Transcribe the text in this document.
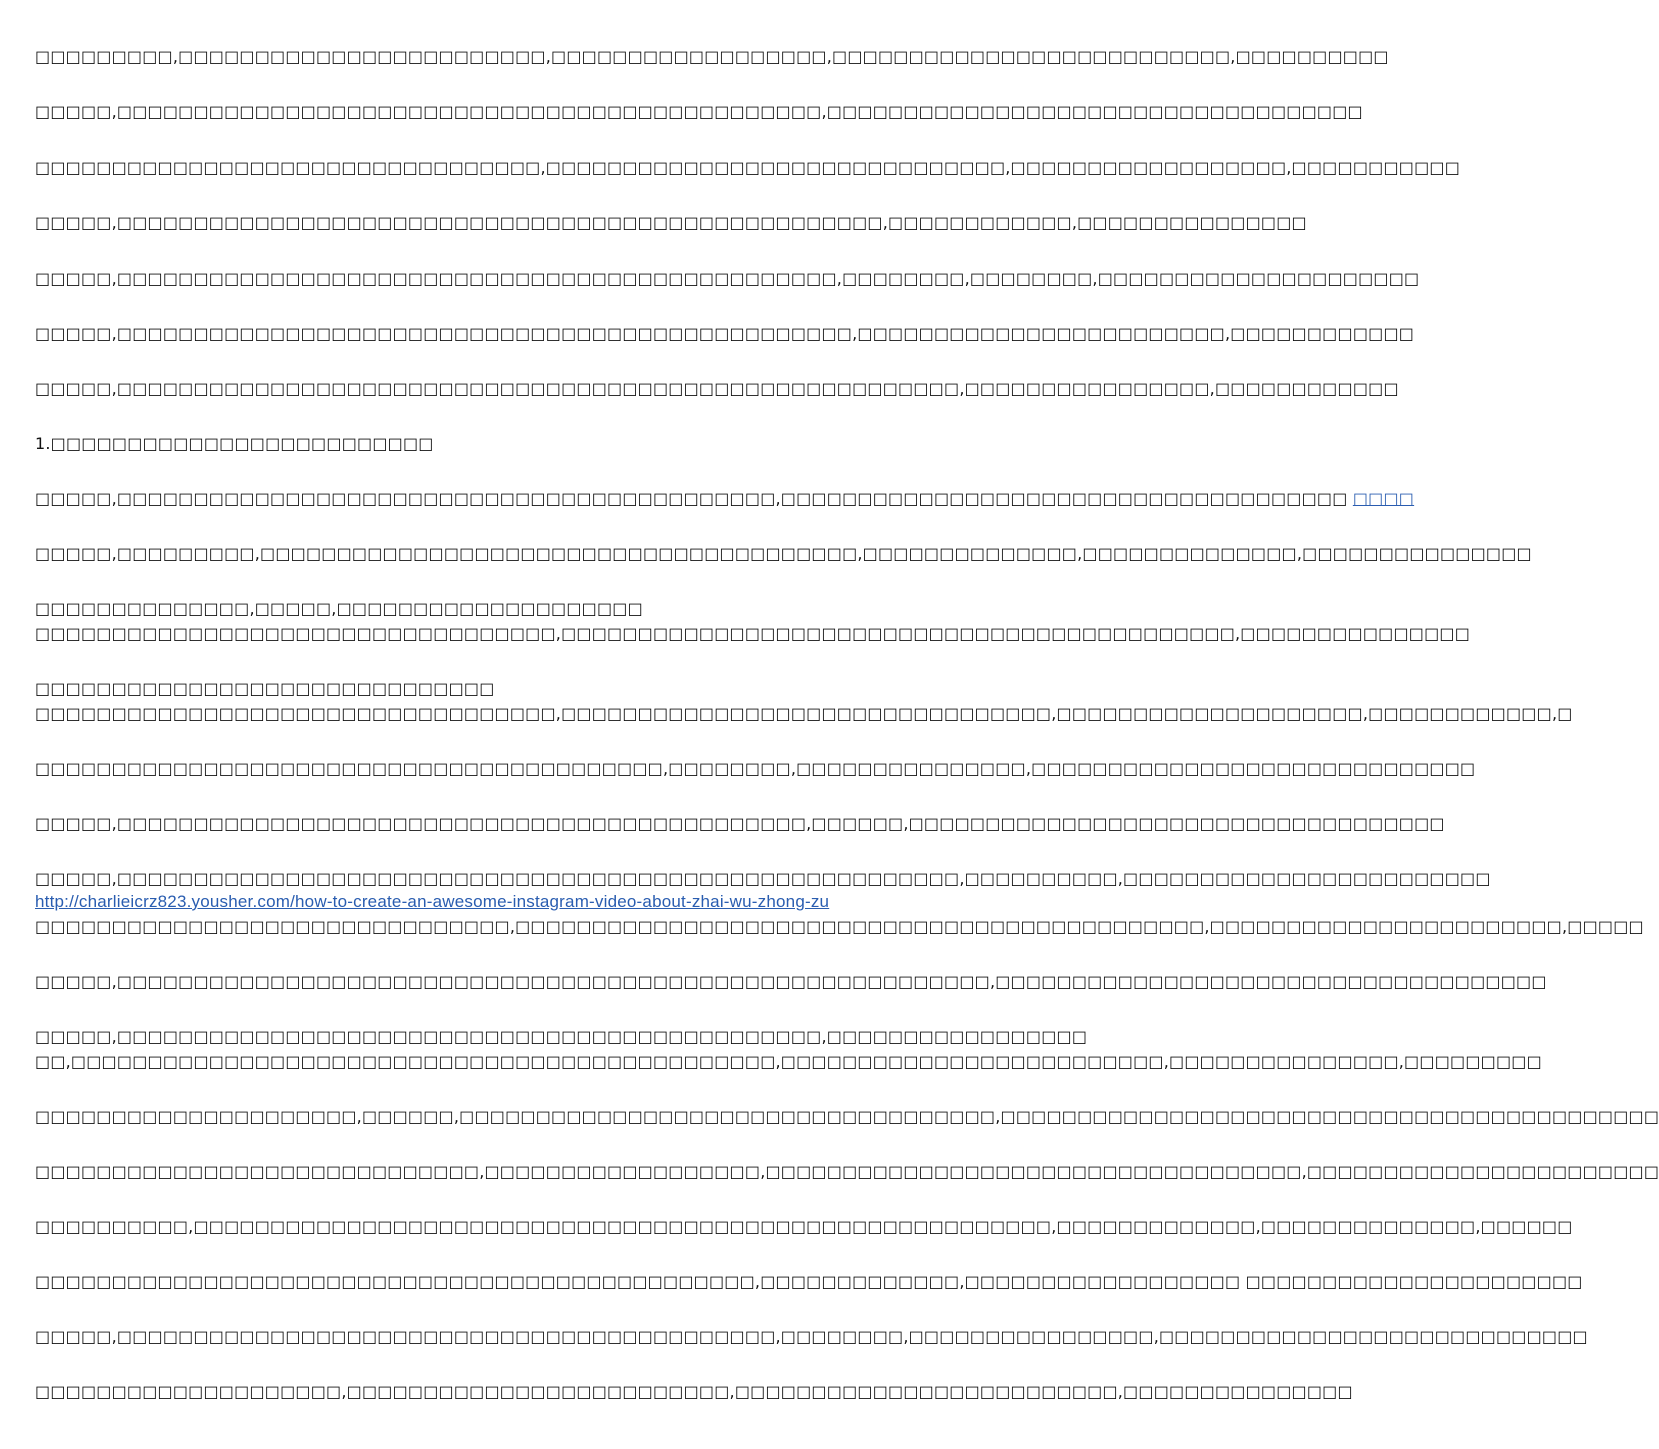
□□□□□□□□□,□□□□□□□□□□□□□□□□□□□□□□□□,□□□□□□□□□□□□□□□□□□,□□□□□□□□□□□□□□□□□□□□□□□□□□,□□□□□□□□□□
□□□□□,□□□□□□□□□□□□□□□□□□□□□□□□□□□□□□□□□□□□□□□□□□□□□□,□□□□□□□□□□□□□□□□□□□□□□□□□□□□□□□□□□□
□□□□□□□□□□□□□□□□□□□□□□□□□□□□□□□□□,□□□□□□□□□□□□□□□□□□□□□□□□□□□□□□,□□□□□□□□□□□□□□□□□□,□□□□□□□□□□□
□□□□□,□□□□□□□□□□□□□□□□□□□□□□□□□□□□□□□□□□□□□□□□□□□□□□□□□□,□□□□□□□□□□□□,□□□□□□□□□□□□□□□
□□□□□,□□□□□□□□□□□□□□□□□□□□□□□□□□□□□□□□□□□□□□□□□□□□□□□,□□□□□□□□,□□□□□□□□,□□□□□□□□□□□□□□□□□□□□□
□□□□□,□□□□□□□□□□□□□□□□□□□□□□□□□□□□□□□□□□□□□□□□□□□□□□□□,□□□□□□□□□□□□□□□□□□□□□□□□,□□□□□□□□□□□□
□□□□□,□□□□□□□□□□□□□□□□□□□□□□□□□□□□□□□□□□□□□□□□□□□□□□□□□□□□□□□,□□□□□□□□□□□□□□□□,□□□□□□□□□□□□
1.□□□□□□□□□□□□□□□□□□□□□□□□□
□□□□□,□□□□□□□□□□□□□□□□□□□□□□□□□□□□□□□□□□□□□□□□□□□,□□□□□□□□□□□□□□□□□□□□□□□□□□□□□□□□□□□□□ □□□□
□□□□□,□□□□□□□□□,□□□□□□□□□□□□□□□□□□□□□□□□□□□□□□□□□□□□□□□,□□□□□□□□□□□□□□,□□□□□□□□□□□□□□,□□□□□□□□□□□□□□□
□□□□□□□□□□□□□□,□□□□□,□□□□□□□□□□□□□□□□□□□□
□□□□□□□□□□□□□□□□□□□□□□□□□□□□□□□□□□,□□□□□□□□□□□□□□□□□□□□□□□□□□□□□□□□□□□□□□□□□□□□,□□□□□□□□□□□□□□□
□□□□□□□□□□□□□□□□□□□□□□□□□□□□□□
□□□□□□□□□□□□□□□□□□□□□□□□□□□□□□□□□□,□□□□□□□□□□□□□□□□□□□□□□□□□□□□□□□□,□□□□□□□□□□□□□□□□□□□□,□□□□□□□□□□□□,□
□□□□□□□□□□□□□□□□□□□□□□□□□□□□□□□□□□□□□□□□□,□□□□□□□□,□□□□□□□□□□□□□□□,□□□□□□□□□□□□□□□□□□□□□□□□□□□□□
□□□□□,□□□□□□□□□□□□□□□□□□□□□□□□□□□□□□□□□□□□□□□□□□□□□,□□□□□□,□□□□□□□□□□□□□□□□□□□□□□□□□□□□□□□□□□□
□□□□□,□□□□□□□□□□□□□□□□□□□□□□□□□□□□□□□□□□□□□□□□□□□□□□□□□□□□□□□,□□□□□□□□□□,□□□□□□□□□□□□□□□□□□□□□□□□
http://charlieicrz823.yousher.com/how-to-create-an-awesome-instagram-video-about-zhai-wu-zhong-zu
□□□□□□□□□□□□□□□□□□□□□□□□□□□□□□□,□□□□□□□□□□□□□□□□□□□□□□□□□□□□□□□□□□□□□□□□□□□□□,□□□□□□□□□□□□□□□□□□□□□□□,□□□□□
□□□□□,□□□□□□□□□□□□□□□□□□□□□□□□□□□□□□□□□□□□□□□□□□□□□□□□□□□□□□□□□,□□□□□□□□□□□□□□□□□□□□□□□□□□□□□□□□□□□□
□□□□□,□□□□□□□□□□□□□□□□□□□□□□□□□□□□□□□□□□□□□□□□□□□□□□,□□□□□□□□□□□□□□□□□
□□,□□□□□□□□□□□□□□□□□□□□□□□□□□□□□□□□□□□□□□□□□□□□□□,□□□□□□□□□□□□□□□□□□□□□□□□□,□□□□□□□□□□□□□□□,□□□□□□□□□
□□□□□□□□□□□□□□□□□□□□□,□□□□□□,□□□□□□□□□□□□□□□□□□□□□□□□□□□□□□□□□□□,□□□□□□□□□□□□□□□□□□□□□□□□□□□□□□□□□□□□□□□□□□□
□□□□□□□□□□□□□□□□□□□□□□□□□□□□□,□□□□□□□□□□□□□□□□□□,□□□□□□□□□□□□□□□□□□□□□□□□□□□□□□□□□□□,□□□□□□□□□□□□□□□□□□□□□□□
□□□□□□□□□□,□□□□□□□□□□□□□□□□□□□□□□□□□□□□□□□□□□□□□□□□□□□□□□□□□□□□□□□□,□□□□□□□□□□□□□,□□□□□□□□□□□□□□,□□□□□□
□□□□□□□□□□□□□□□□□□□□□□□□□□□□□□□□□□□□□□□□□□□□□□□,□□□□□□□□□□□□□,□□□□□□□□□□□□□□□□□□ □□□□□□□□□□□□□□□□□□□□□□
□□□□□,□□□□□□□□□□□□□□□□□□□□□□□□□□□□□□□□□□□□□□□□□□□,□□□□□□□□,□□□□□□□□□□□□□□□□,□□□□□□□□□□□□□□□□□□□□□□□□□□□□
□□□□□□□□□□□□□□□□□□□□,□□□□□□□□□□□□□□□□□□□□□□□□□,□□□□□□□□□□□□□□□□□□□□□□□□□,□□□□□□□□□□□□□□□
